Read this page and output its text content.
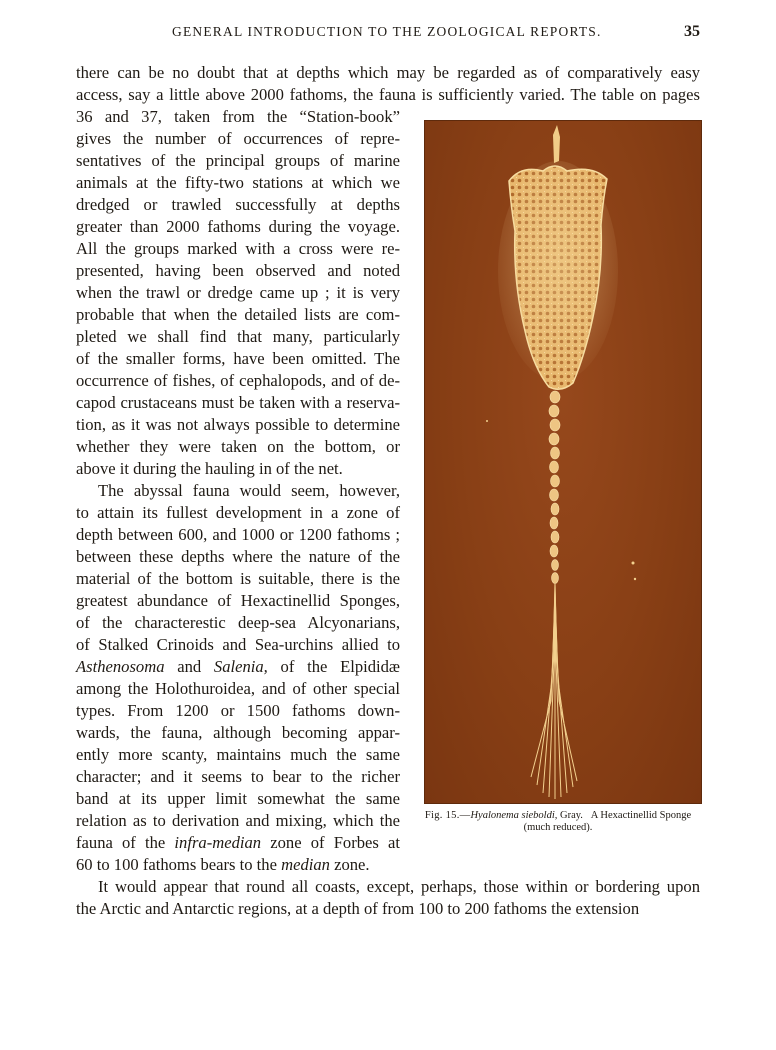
GENERAL INTRODUCTION TO THE ZOOLOGICAL REPORTS.	35
there can be no doubt that at depths which may be regarded as of comparatively easy
access, say a little above 2000 fathoms, the fauna is sufficiently varied. The table on pages
36 and 37, taken from the “Station-book”
gives the number of occurrences of repre-
sentatives of the principal groups of marine
animals at the fifty-two stations at which we
dredged or trawled successfully at depths
greater than 2000 fathoms during the voyage.
All the groups marked with a cross were re-
presented, having been observed and noted
when the trawl or dredge came up ; it is very
probable that when the detailed lists are com-
pleted we shall find that many, particularly
of the smaller forms, have been omitted. The
occurrence of fishes, of cephalopods, and of de-
capod crustaceans must be taken with a reserva-
tion, as it was not always possible to determine
whether they were taken on the bottom, or
above it during the hauling in of the net.
The abyssal fauna would seem, however,
to attain its fullest development in a zone of
depth between 600, and 1000 or 1200 fathoms ;
between these depths where the nature of the
material of the bottom is suitable, there is the
greatest abundance of Hexactinellid Sponges,
of the characterestic deep-sea Alcyonarians,
of Stalked Crinoids and Sea-urchins allied to
Asthenosoma and Salenia, of the Elpididæ
among the Holothuroidea, and of other special
types. From 1200 or 1500 fathoms down-
wards, the fauna, although becoming appar-
ently more scanty, maintains much the same
character; and it seems to bear to the richer
band at its upper limit somewhat the same
relation as to derivation and mixing, which the
fauna of the infra-median zone of Forbes at
60 to 100 fathoms bears to the median zone.
It would appear that round all coasts, except, perhaps, those within or bordering upon
the Arctic and Antarctic regions, at a depth of from 100 to 200 fathoms the extension
Fig. 15.—Hyalonema sieboldi, Gray. A Hexactinellid Sponge
(much reduced).
